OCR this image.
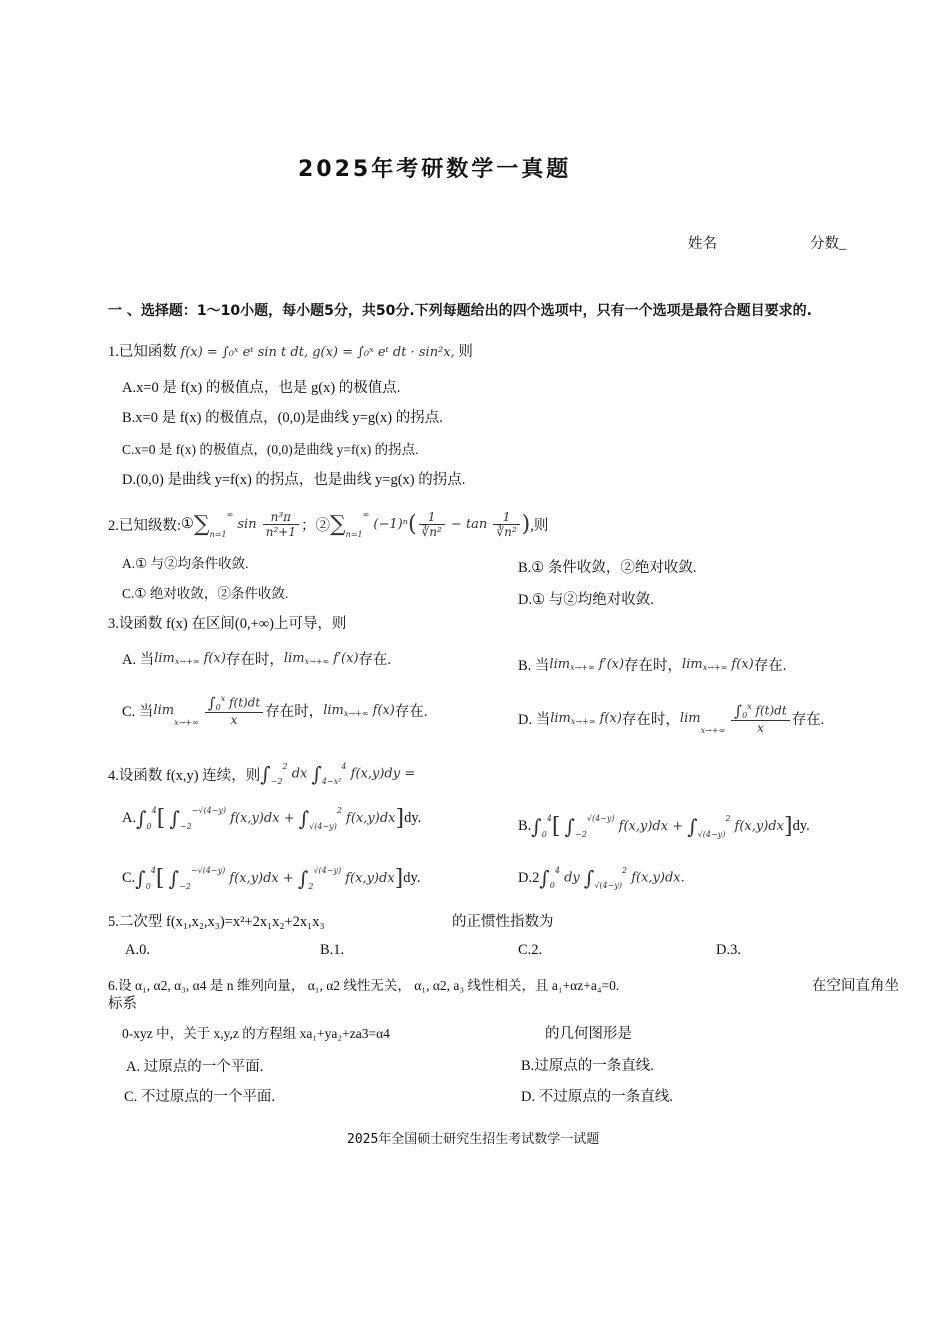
2025年考研数学一真题
姓名	分数_
一 、选择题：1～10小题，每小题5分，共50分.下列每题给出的四个选项中，只有一个选项是最符合题目要求的.
1.已知函数 f(x) = ∫₀ˣ eᵗ sin t dt, g(x) = ∫₀ˣ eᵗ dt · sin²x, 则
A.x=0 是 f(x) 的极值点，也是 g(x) 的极值点.
B.x=0 是 f(x) 的极值点，(0,0)是曲线 y=g(x) 的拐点.
C.x=0 是 f(x) 的极值点，(0,0)是曲线 y=f(x) 的拐点.
D.(0,0) 是曲线 y=f(x) 的拐点，也是曲线 y=g(x) 的拐点.
2.已知级数: ① ∑n=1∞ $\sin \frac{\text{n³π}}{\text{n²+1}}$ ；② ∑n=1∞ $(-1)^n( \frac{1}{\text{∛n²}} - \tan \frac{1}{\text{∛n²}}$ ) ,则
A.① 与②均条件收敛.	B.① 条件收敛，②绝对收敛.
C.① 绝对收敛，②条件收敛.	D.① 与②均绝对收敛.
3.设函数 f(x) 在区间(0,+∞)上可导，则
A. 当 limx→+∞ f(x) 存在时， limx→+∞ f′(x) 存在.	B. 当 limx→+∞ f′(x) 存在时， limx→+∞ f(x) 存在.
C. 当 $\lim x\to+\infty \frac{\int 0^x f(t)dt}{x}$ 存在时， limx→+∞ f(x) 存在.	D. 当 limx→+∞ f(x) 存在时， $\lim x\to+\infty \frac{\int 0^x f(t)dt}{x}$ 存在.
4.设函数 f(x,y) 连续，则 $\int-2^2$ dx ∫4−x²$^4$ f(x,y)dy =
A. $\int 0^4$[ $\int-2^{-√(4-y)}$ $f(x,y)dx + \int√(4-y)^2$ f(x,y)dx] dy.	B. $\int 0^4$[ $\int-2^{√(4-y)}$ $f(x,y)dx + \int√(4-y)^2$ f(x,y)dx] dy.
C. $\int 0^4$[ $\int-2^{-√(4-y)}$ $f(x,y)dx + \int 2^{√(4-y)}$ f(x,y)dx] dy.	D.2 $\int 0^4$ dy $\int√(4-y)^2$ f(x,y)dx.
5.二次型 f(x₁,x₂,x₃)=x²+2x₁x₂+2x₁x₃	的正惯性指数为
A.0.	B.1.	C.2.	D.3.
6.设 α₁, α2, α₃, α4 是 n 维列向量， α₁, α2 线性无关， α₁, α2, a₃ 线性相关，且 a₁+αz+a₄=0.	在空间直角坐
标系
0-xyz 中，关于 x,y,z 的方程组 xa₁+ya₂+za3=α4	的几何图形是
A. 过原点的一个平面.	B.过原点的一条直线.
C. 不过原点的一个平面.	D. 不过原点的一条直线.
2025年全国硕士研究生招生考试数学一试题
